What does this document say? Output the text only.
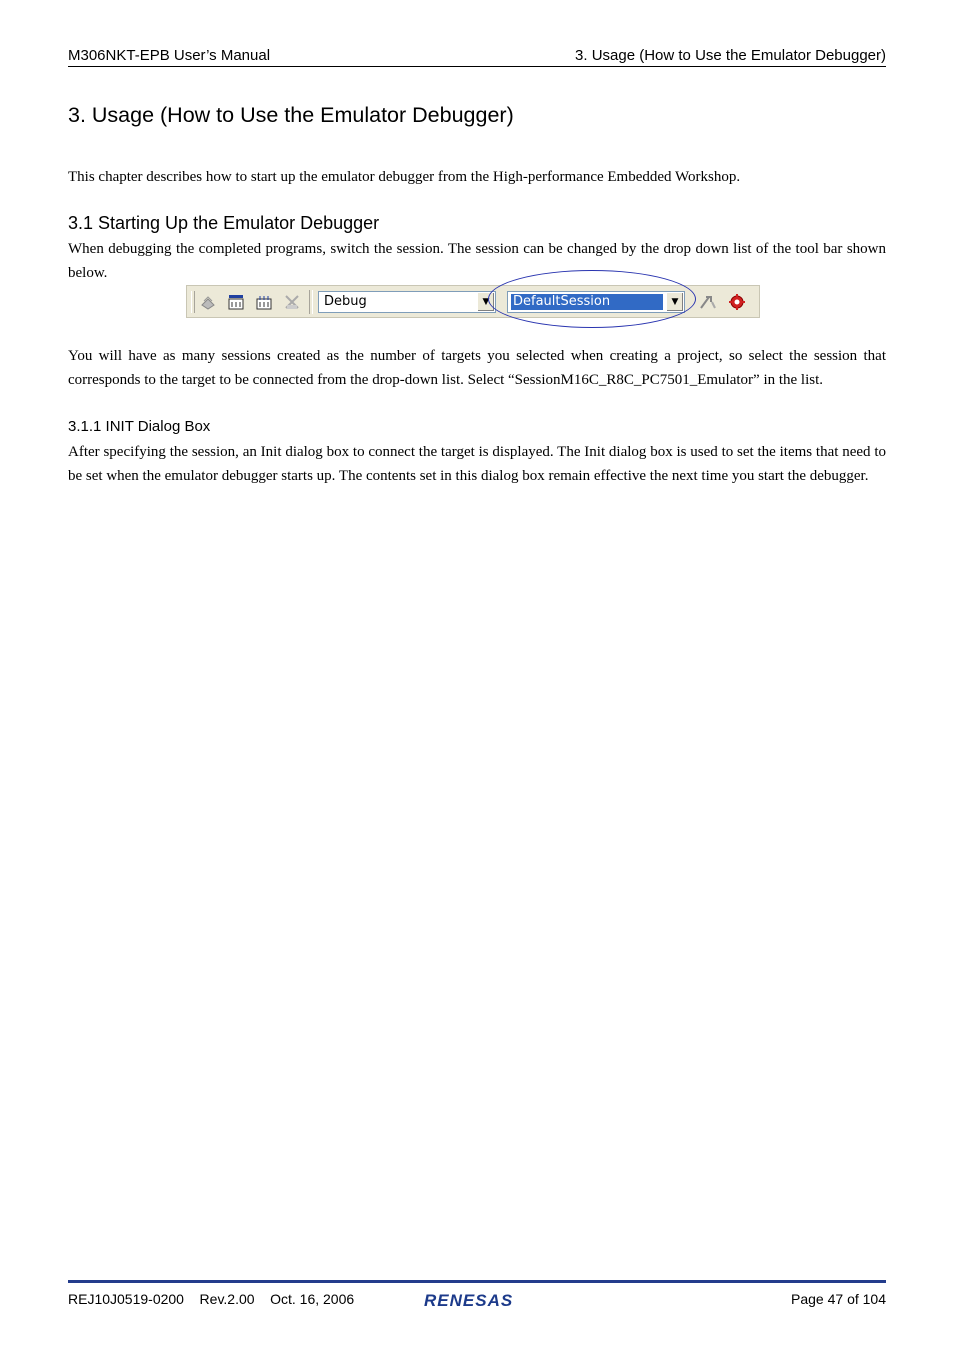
M306NKT-EPB User’s Manual	3. Usage (How to Use the Emulator Debugger)
3. Usage (How to Use the Emulator Debugger)
This chapter describes how to start up the emulator debugger from the High-performance Embedded Workshop.
3.1 Starting Up the Emulator Debugger
When debugging the completed programs, switch the session. The session can be changed by the drop down list of the tool bar shown below.
Debug	▼	DefaultSession	▼
You will have as many sessions created as the number of targets you selected when creating a project, so select the session that corresponds to the target to be connected from the drop-down list. Select “SessionM16C_R8C_PC7501_Emulator” in the list.
3.1.1 INIT Dialog Box
After specifying the session, an Init dialog box to connect the target is displayed. The Init dialog box is used to set the items that need to be set when the emulator debugger starts up. The contents set in this dialog box remain effective the next time you start the debugger.
REJ10J0519-0200 Rev.2.00 Oct. 16, 2006	RENESAS	Page 47 of 104
